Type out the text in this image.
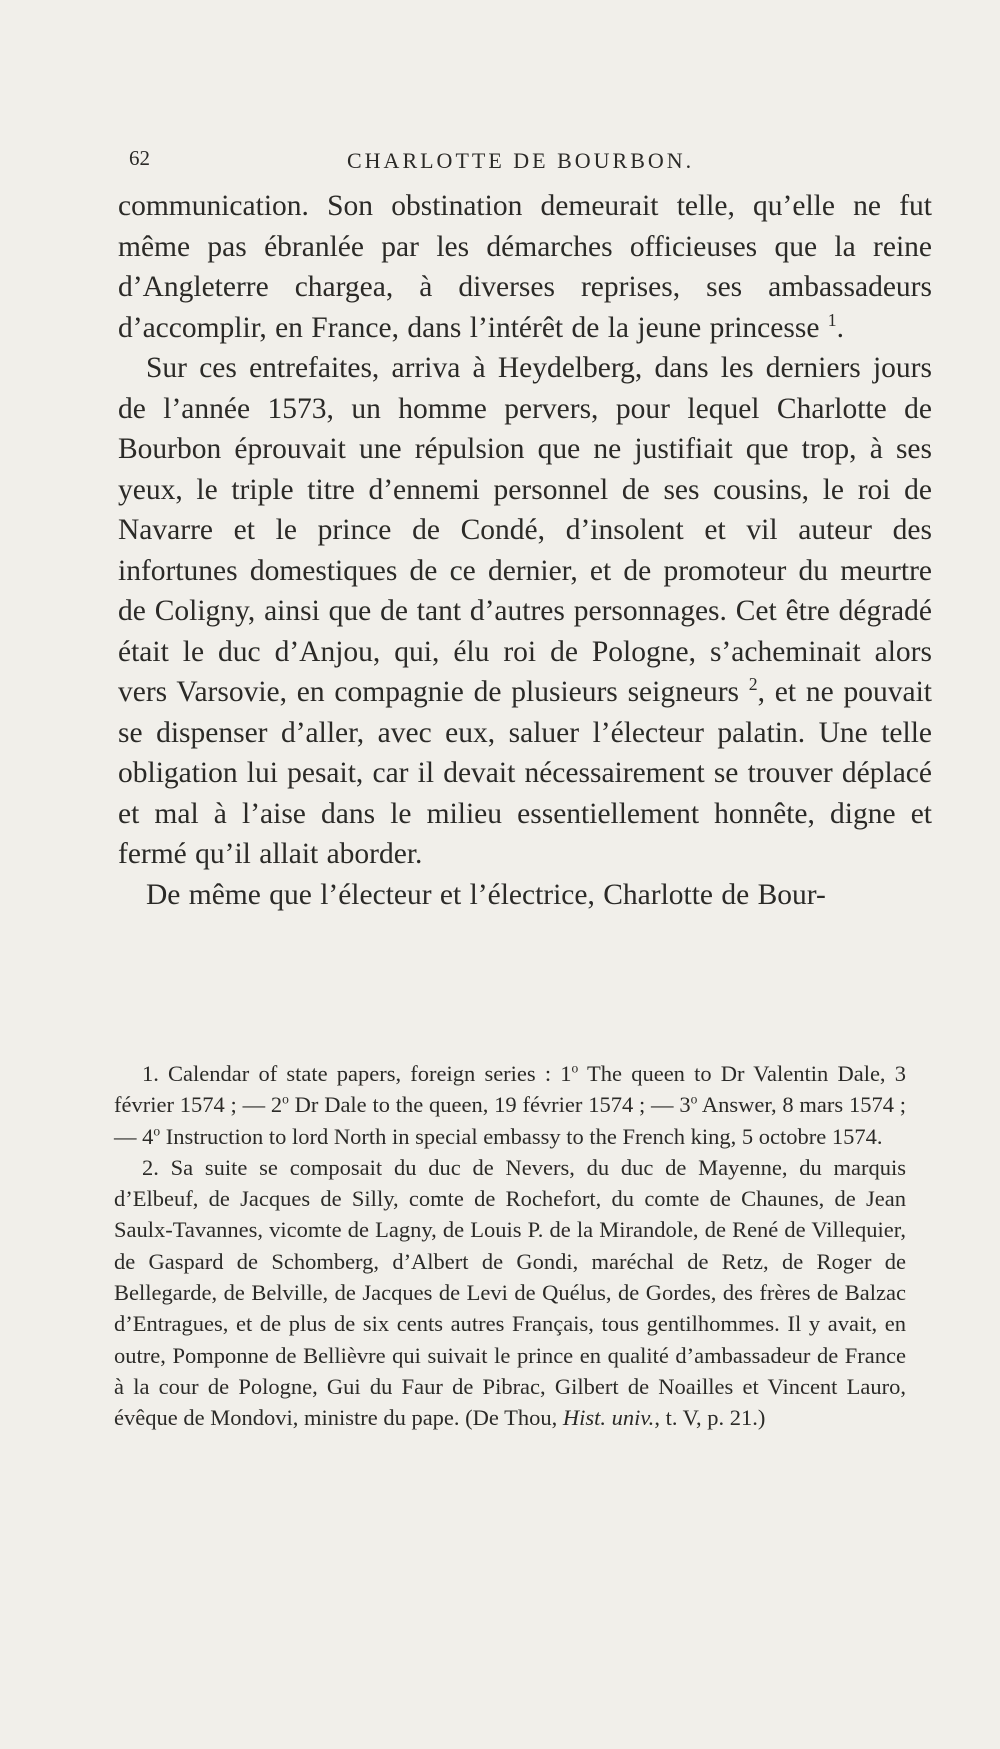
62	CHARLOTTE DE BOURBON.

communication. Son obstination demeurait telle, qu’elle ne fut même pas ébranlée par les démarches officieuses que la reine d’Angleterre chargea, à diverses reprises, ses ambassadeurs d’accomplir, en France, dans l’intérêt de la jeune princesse $^1$.

Sur ces entrefaites, arriva à Heydelberg, dans les derniers jours de l’année 1573, un homme pervers, pour lequel Charlotte de Bourbon éprouvait une répulsion que ne justifiait que trop, à ses yeux, le triple titre d’ennemi personnel de ses cousins, le roi de Navarre et le prince de Condé, d’insolent et vil auteur des infortunes domestiques de ce dernier, et de promoteur du meurtre de Coligny, ainsi que de tant d’autres personnages. Cet être dégradé était le duc d’Anjou, qui, élu roi de Pologne, s’acheminait alors vers Varsovie, en compagnie de plusieurs seigneurs $^2$, et ne pouvait se dispenser d’aller, avec eux, saluer l’électeur palatin. Une telle obligation lui pesait, car il devait nécessairement se trouver déplacé et mal à l’aise dans le milieu essentiellement honnête, digne et fermé qu’il allait aborder.

De même que l’électeur et l’électrice, Charlotte de Bour-

1. Calendar of state papers, foreign series : 1$^o$ The queen to Dr Valentin Dale, 3 février 1574 ; — 2$^o$ Dr Dale to the queen, 19 février 1574 ; — 3$^o$ Answer, 8 mars 1574 ; — 4$^o$ Instruction to lord North in special embassy to the French king, 5 octobre 1574.

2. Sa suite se composait du duc de Nevers, du duc de Mayenne, du marquis d’Elbeuf, de Jacques de Silly, comte de Rochefort, du comte de Chaunes, de Jean Saulx-Tavannes, vicomte de Lagny, de Louis P. de la Mirandole, de René de Villequier, de Gaspard de Schomberg, d’Albert de Gondi, maréchal de Retz, de Roger de Bellegarde, de Belville, de Jacques de Levi de Quélus, de Gordes, des frères de Balzac d’Entragues, et de plus de six cents autres Français, tous gentilhommes. Il y avait, en outre, Pomponne de Bellièvre qui suivait le prince en qualité d’ambassadeur de France à la cour de Pologne, Gui du Faur de Pibrac, Gilbert de Noailles et Vincent Lauro, évêque de Mondovi, ministre du pape. (De Thou, Hist. univ., t. V, p. 21.)
